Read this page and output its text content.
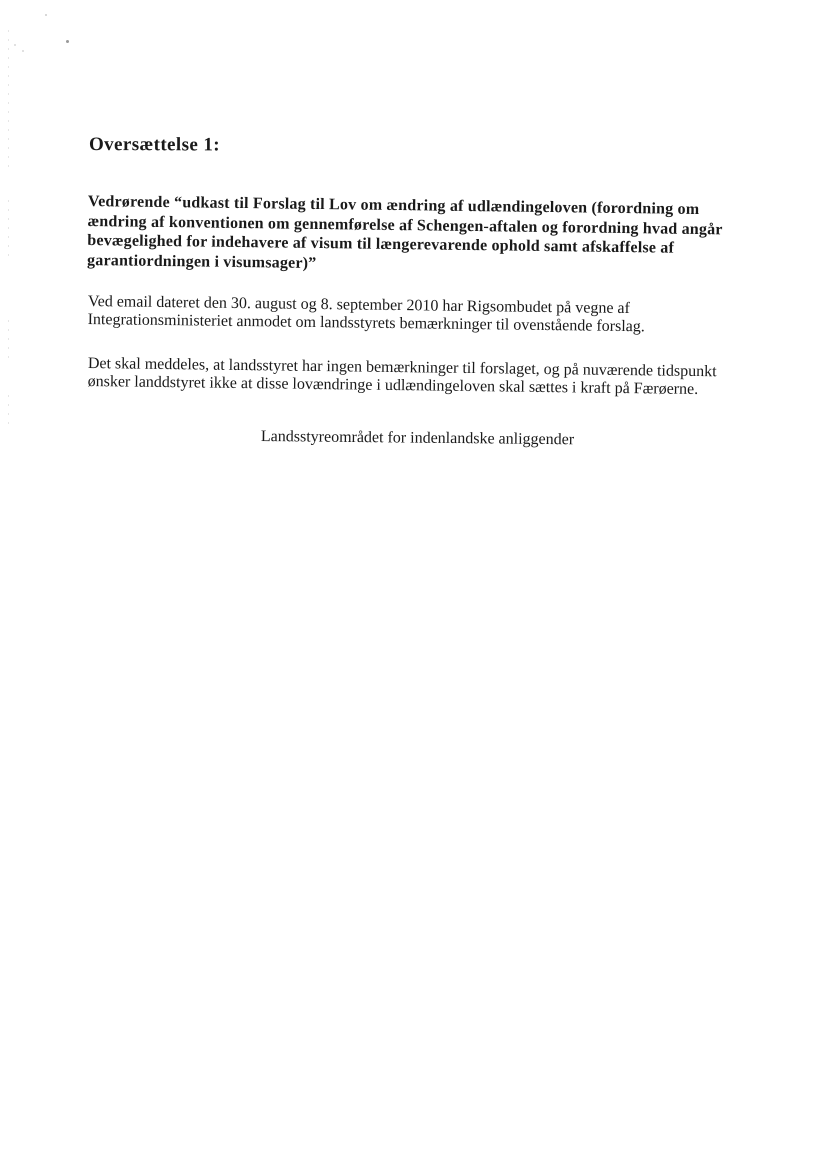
Oversættelse 1:
Vedrørende “udkast til Forslag til Lov om ændring af udlændingeloven (forordning om
ændring af konventionen om gennemførelse af Schengen-aftalen og forordning hvad angår
bevægelighed for indehavere af visum til længerevarende ophold samt afskaffelse af
garantiordningen i visumsager)”
Ved email dateret den 30. august og 8. september 2010 har Rigsombudet på vegne af
Integrationsministeriet anmodet om landsstyrets bemærkninger til ovenstående forslag.
Det skal meddeles, at landsstyret har ingen bemærkninger til forslaget, og på nuværende tidspunkt
ønsker landdstyret ikke at disse lovændringe i udlændingeloven skal sættes i kraft på Færøerne.
Landsstyreområdet for indenlandske anliggender
